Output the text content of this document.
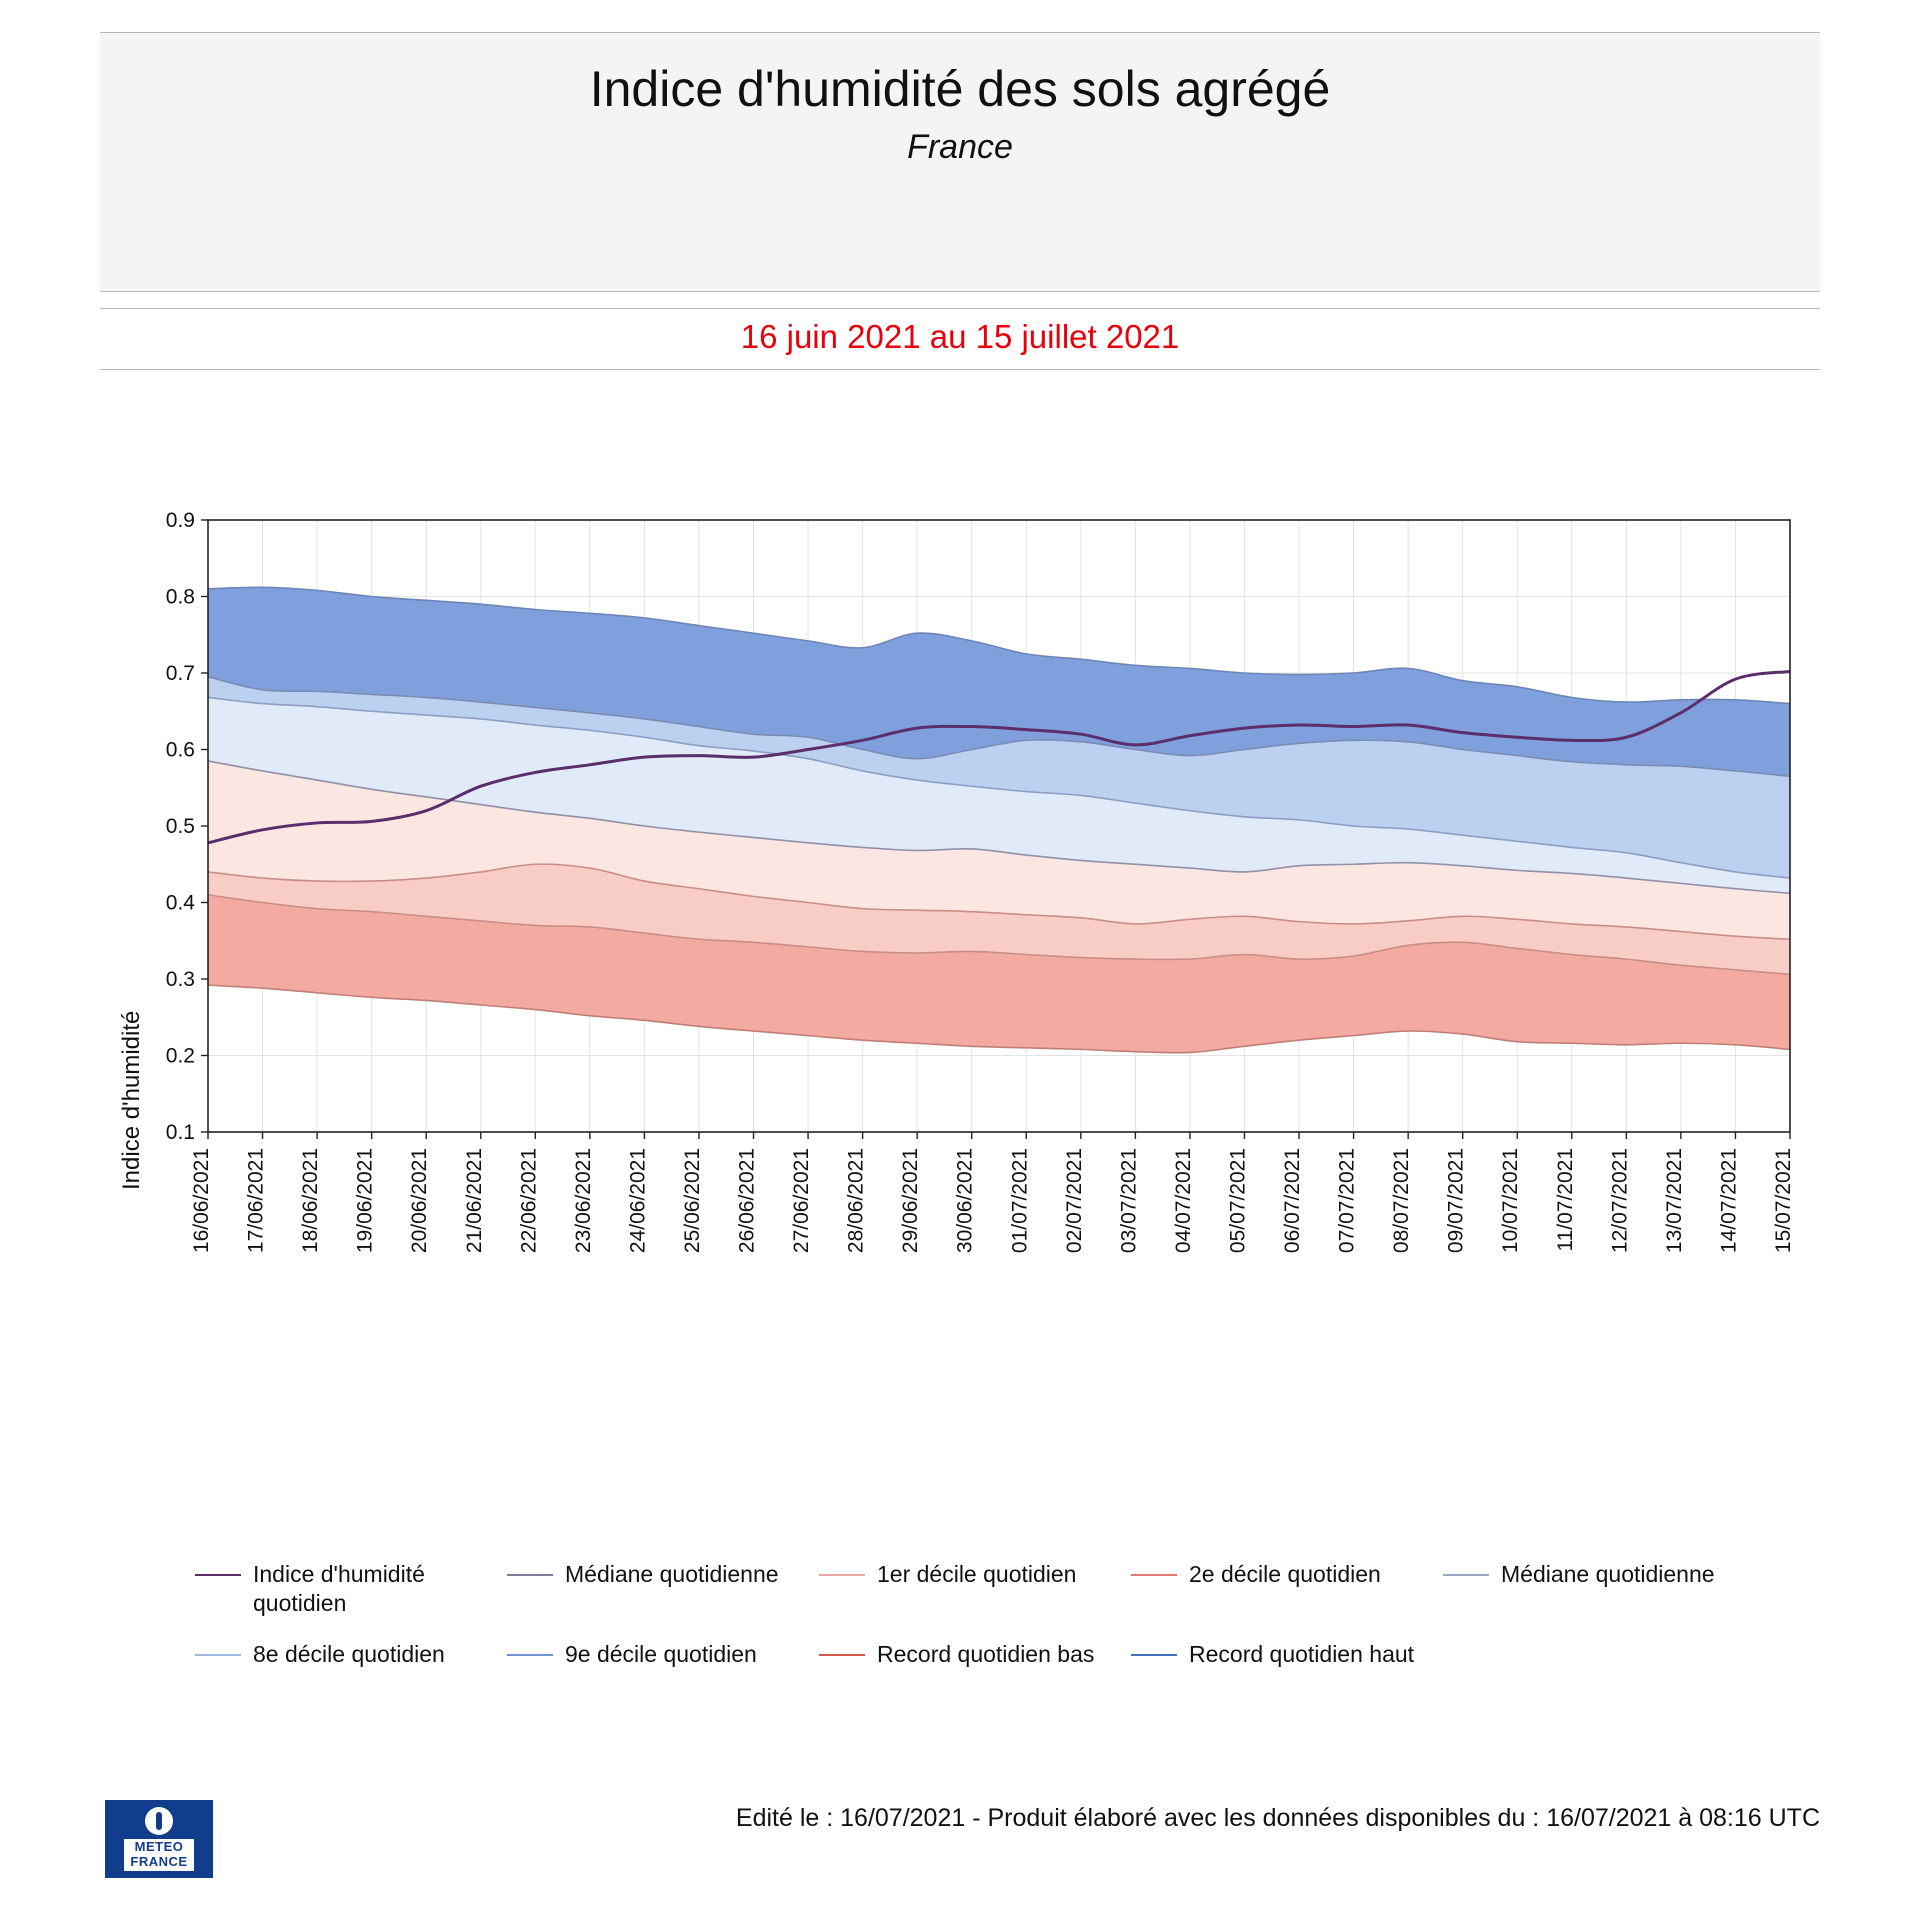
Indice d'humidité des sols agrégé
France
16 juin 2021 au 15 juillet 2021
Indice d'humidité 0.1
0.2
0.3
0.4
0.5
0.6
0.7
0.8
0.9
16/06/2021 17/06/2021 18/06/2021 19/06/2021 20/06/2021 21/06/2021 22/06/2021 23/06/2021 24/06/2021 25/06/2021 26/06/2021 27/06/2021 28/06/2021 29/06/2021 30/06/2021 01/07/2021 02/07/2021 03/07/2021 04/07/2021 05/07/2021 06/07/2021 07/07/2021 08/07/2021 09/07/2021 10/07/2021 11/07/2021 12/07/2021 13/07/2021 14/07/2021 15/07/2021
Indice d'humidité quotidien
Médiane quotidienne	1er décile quotidien	2e décile quotidien	Médiane quotidienne
8e décile quotidien	9e décile quotidien	Record quotidien bas	Record quotidien haut
METEO
FRANCE
Edité le : 16/07/2021 - Produit élaboré avec les données disponibles du : 16/07/2021 à 08:16 UTC
